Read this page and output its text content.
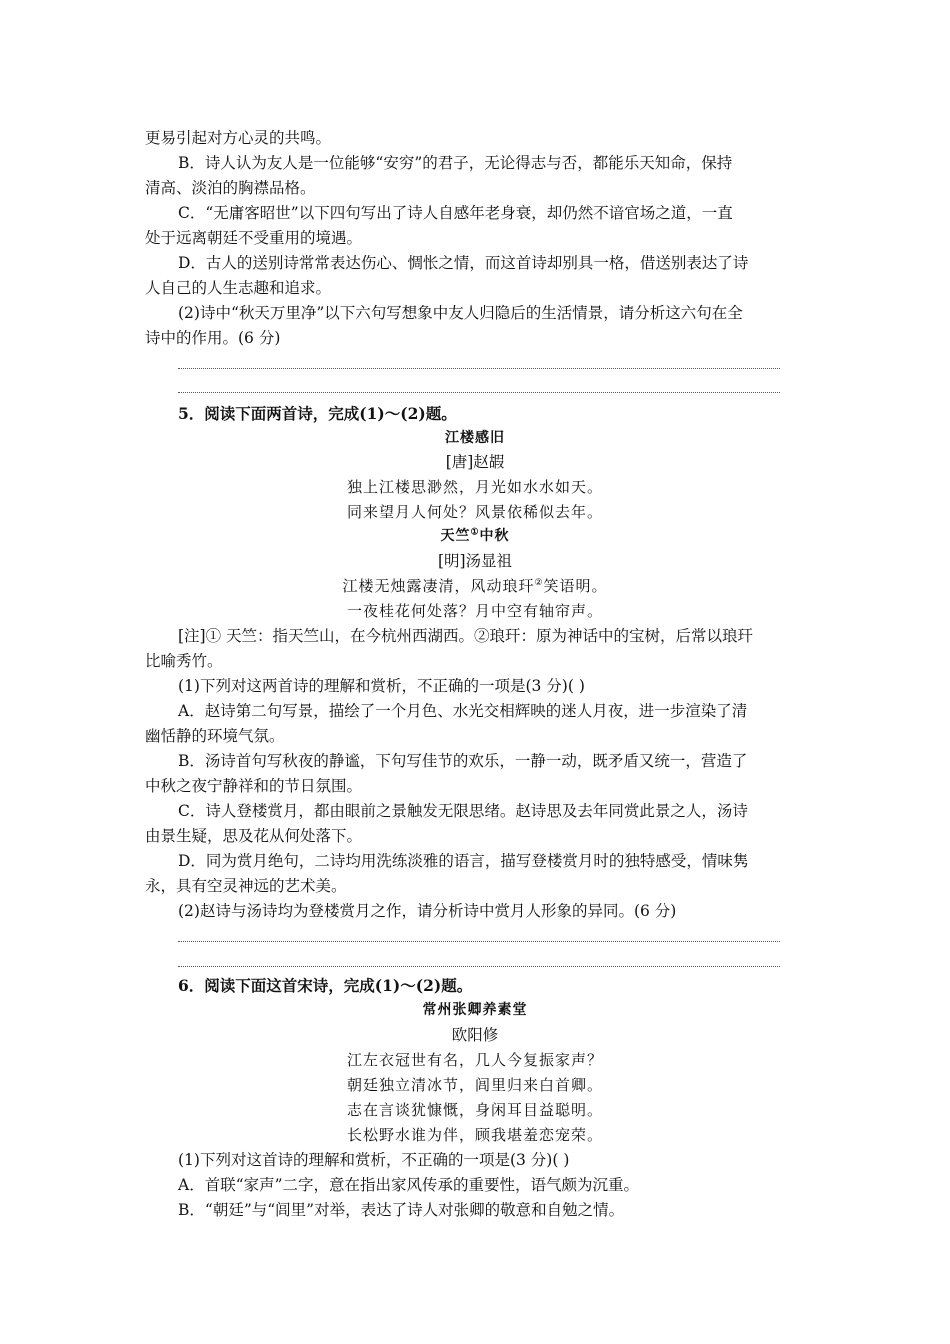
更易引起对方心灵的共鸣。
B．诗人认为友人是一位能够“安穷”的君子，无论得志与否，都能乐天知命，保持
清高、淡泊的胸襟品格。
C．“无庸客昭世”以下四句写出了诗人自感年老身衰，却仍然不谙官场之道，一直
处于远离朝廷不受重用的境遇。
D．古人的送别诗常常表达伤心、惆怅之情，而这首诗却别具一格，借送别表达了诗
人自己的人生志趣和追求。
(2)诗中“秋天万里净”以下六句写想象中友人归隐后的生活情景，请分析这六句在全
诗中的作用。(6 分)
5．阅读下面两首诗，完成(1)～(2)题。
江楼感旧
[唐]赵嘏
独上江楼思渺然，月光如水水如天。
同来望月人何处？风景依稀似去年。
天竺①中秋
[明]汤显祖
江楼无烛露凄清，风动琅玕②笑语明。
一夜桂花何处落？月中空有轴帘声。
[注]① 天竺：指天竺山，在今杭州西湖西。②琅玕：原为神话中的宝树，后常以琅玕
比喻秀竹。
(1)下列对这两首诗的理解和赏析，不正确的一项是(3 分)( )
A．赵诗第二句写景，描绘了一个月色、水光交相辉映的迷人月夜，进一步渲染了清
幽恬静的环境气氛。
B．汤诗首句写秋夜的静谧，下句写佳节的欢乐，一静一动，既矛盾又统一，营造了
中秋之夜宁静祥和的节日氛围。
C．诗人登楼赏月，都由眼前之景触发无限思绪。赵诗思及去年同赏此景之人，汤诗
由景生疑，思及花从何处落下。
D．同为赏月绝句，二诗均用洗练淡雅的语言，描写登楼赏月时的独特感受，情味隽
永，具有空灵神远的艺术美。
(2)赵诗与汤诗均为登楼赏月之作，请分析诗中赏月人形象的异同。(6 分)
6．阅读下面这首宋诗，完成(1)～(2)题。
常州张卿养素堂
欧阳修
江左衣冠世有名，几人今复振家声？
朝廷独立清冰节，闾里归来白首卿。
志在言谈犹慷慨，身闲耳目益聪明。
长松野水谁为伴，顾我堪羞恋宠荣。
(1)下列对这首诗的理解和赏析，不正确的一项是(3 分)( )
A．首联“家声”二字，意在指出家风传承的重要性，语气颇为沉重。
B．“朝廷”与“闾里”对举，表达了诗人对张卿的敬意和自勉之情。
